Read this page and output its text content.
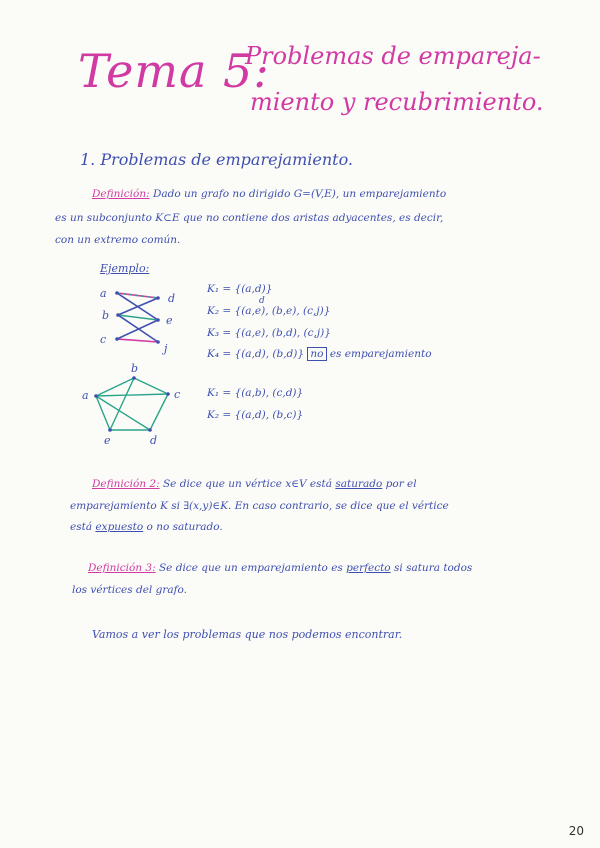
Tema 5:
Problemas de empareja-
miento y recubrimiento.
1. Problemas de emparejamiento.
Definición: Dado un grafo no dirigido G=(V,E), un emparejamiento
es un subconjunto K⊂E que no contiene dos aristas adyacentes, es decir,
con un extremo común.
Ejemplo:
a	d
b	e
c
j
a
b
c
d
e
K₁ = {(a,d)}
d
K₂ = {(a,e), (b,e), (c,j)}
K₃ = {(a,e), (b,d), (c,j)}
K₄ = {(a,d), (b,d)} no es emparejamiento
K₁ = {(a,b), (c,d)}
K₂ = {(a,d), (b,c)}
Definición 2: Se dice que un vértice x∈V está saturado por el
emparejamiento K si ∃(x,y)∈K. En caso contrario, se dice que el vértice
está expuesto o no saturado.
Definición 3: Se dice que un emparejamiento es perfecto si satura todos
los vértices del grafo.
Vamos a ver los problemas que nos podemos encontrar.
20
